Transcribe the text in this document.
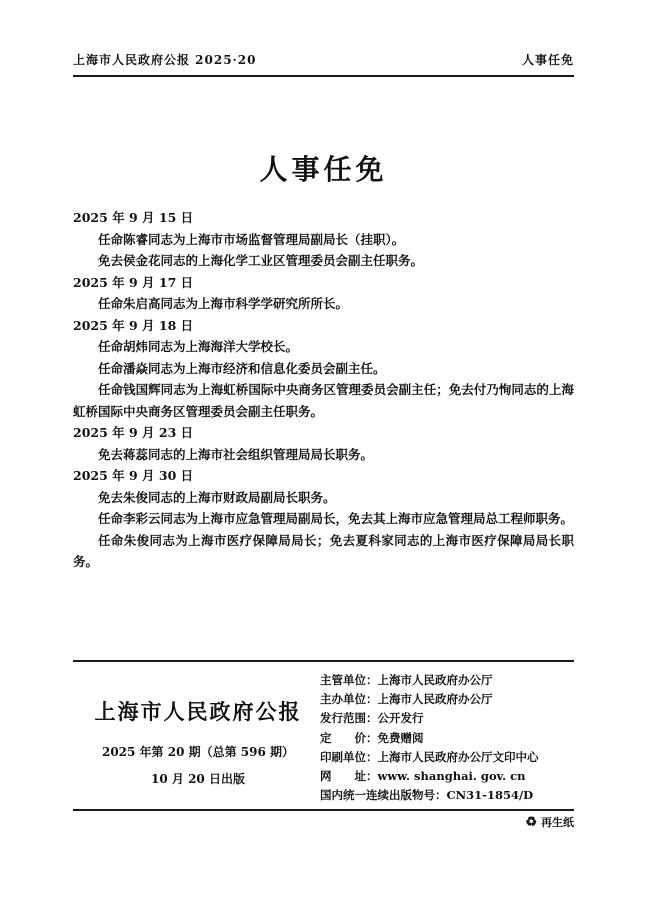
上海市人民政府公报 2025·20	人事任免
人事任免

2025 年 9 月 15 日

任命陈睿同志为上海市市场监督管理局副局长（挂职）。

免去侯金花同志的上海化学工业区管理委员会副主任职务。

2025 年 9 月 17 日

任命朱启高同志为上海市科学学研究所所长。

2025 年 9 月 18 日

任命胡炜同志为上海海洋大学校长。

任命潘焱同志为上海市经济和信息化委员会副主任。

任命钱国辉同志为上海虹桥国际中央商务区管理委员会副主任；免去付乃恂同志的上海虹桥国际中央商务区管理委员会副主任职务。

2025 年 9 月 23 日

免去蒋蕊同志的上海市社会组织管理局局长职务。

2025 年 9 月 30 日

免去朱俊同志的上海市财政局副局长职务。

任命李彩云同志为上海市应急管理局副局长，免去其上海市应急管理局总工程师职务。

任命朱俊同志为上海市医疗保障局局长；免去夏科家同志的上海市医疗保障局局长职务。

上海市人民政府公报
2025 年第 20 期（总第 596 期）
10 月 20 日出版
主管单位：上海市人民政府办公厅
主办单位：上海市人民政府办公厅
发行范围：公开发行
定　　价：免费赠阅
印刷单位：上海市人民政府办公厅文印中心
网　　址：www. shanghai. gov. cn
国内统一连续出版物号：CN31-1854/D
♻ 再生纸
